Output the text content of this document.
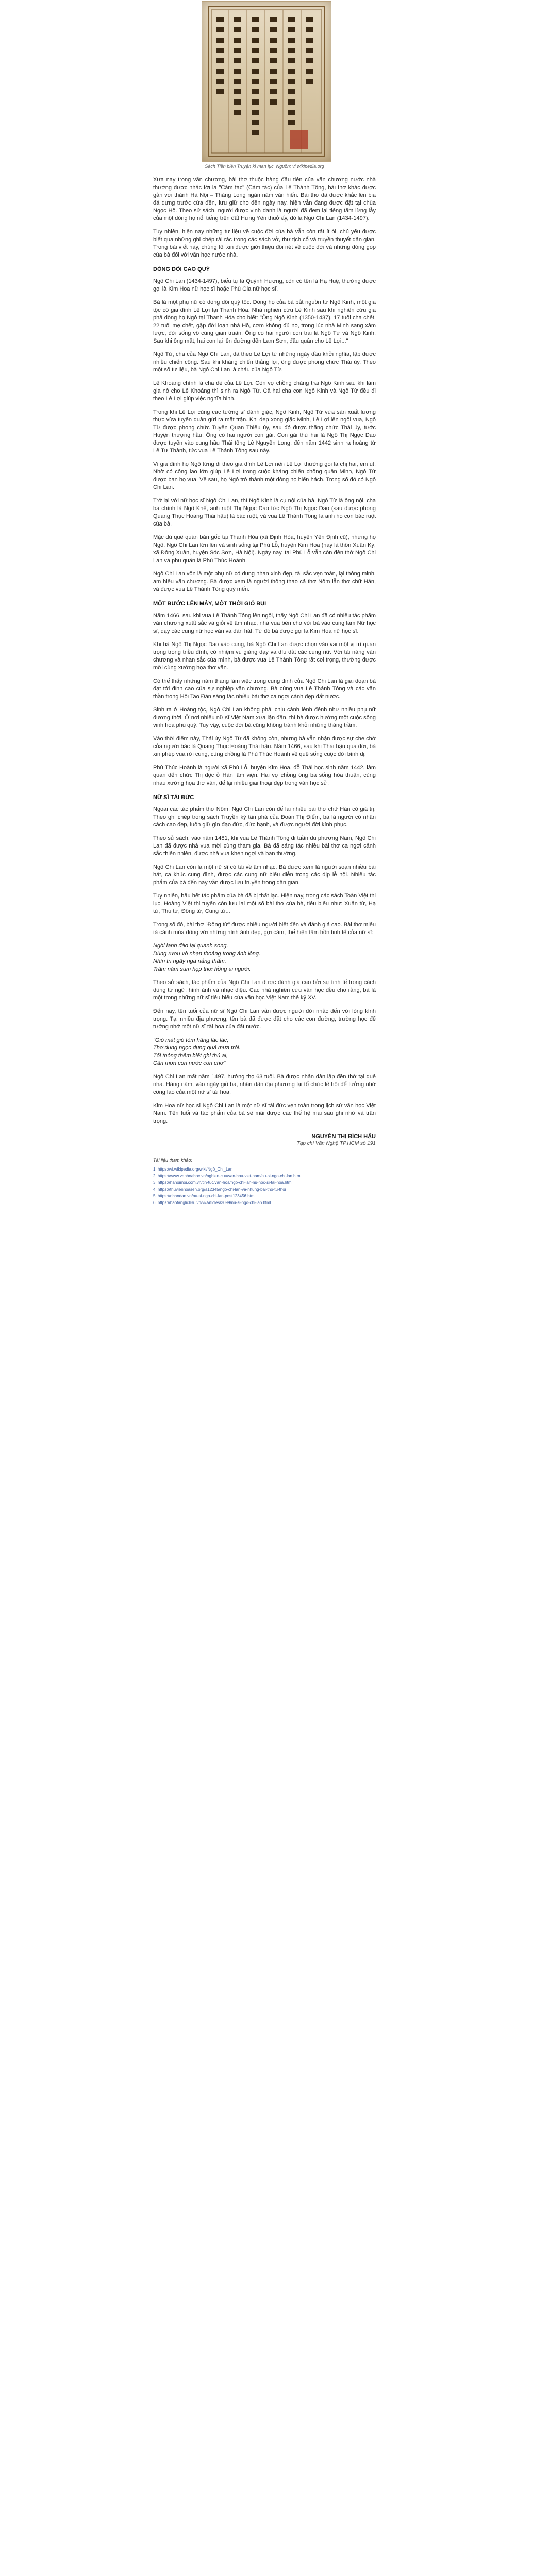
Sách Tiền biên Truyện kì mạn lục. Nguồn: vi.wikipedia.org

Xưa nay trong văn chương, bài thơ thuộc hàng đầu tiên của văn chương nước nhà thường được nhắc tới là "Cảm tác" (Cảm tác) của Lê Thánh Tông, bài thơ khác được gắn với thành Hà Nội – Thăng Long ngàn năm văn hiến. Bài thơ đã được khắc lên bia đá dựng trước cửa đền, lưu giữ cho đến ngày nay, hiện vẫn đang được đặt tại chùa Ngọc Hồ. Theo sử sách, người được vinh danh là người đã đem lại tiếng tăm lừng lẫy của một dòng họ nổi tiếng trên đất Hưng Yên thuở ấy, đó là Ngô Chi Lan (1434-1497).

Tuy nhiên, hiện nay những tư liệu về cuộc đời của bà vẫn còn rất ít ỏi, chủ yếu được biết qua những ghi chép rải rác trong các sách vở, thư tịch cổ và truyền thuyết dân gian. Trong bài viết này, chúng tôi xin được giới thiệu đôi nét về cuộc đời và những đóng góp của bà đối với văn học nước nhà.

DÒNG DÕI CAO QUÝ

Ngô Chi Lan (1434-1497), biểu tự là Quỳnh Hương, còn có tên là Hạ Huệ, thường được gọi là Kim Hoa nữ học sĩ hoặc Phù Gia nữ học sĩ.

Bà là một phụ nữ có dòng dõi quý tộc. Dòng họ của bà bắt nguồn từ Ngô Kinh, một gia tộc có gia đình Lê Lợi tại Thanh Hóa. Nhà nghiên cứu Lê Kinh sau khi nghiên cứu gia phả dòng họ Ngô tại Thanh Hóa cho biết: "Ông Ngô Kinh (1350-1437), 17 tuổi cha chết, 22 tuổi mẹ chết, gặp đời loạn nhà Hồ, cơm không đủ no, trong lúc nhà Minh sang xâm lược, đời sống vô cùng gian truân. Ông có hai người con trai là Ngô Từ và Ngô Kinh. Sau khi ông mất, hai con lại lên đường đến Lam Sơn, đầu quân cho Lê Lợi..."

Ngô Từ, cha của Ngô Chi Lan, đã theo Lê Lợi từ những ngày đầu khởi nghĩa, lập được nhiều chiến công. Sau khi kháng chiến thắng lợi, ông được phong chức Thái úy. Theo một số tư liệu, bà Ngô Chi Lan là cháu của Ngô Từ.

Lê Khoáng chính là cha đẻ của Lê Lợi. Còn vợ chồng chàng trai Ngô Kinh sau khi làm gia nô cho Lê Khoáng thì sinh ra Ngô Từ. Cả hai cha con Ngô Kinh và Ngô Từ đều đi theo Lê Lợi giúp việc nghĩa binh.

Trong khi Lê Lợi cùng các tướng sĩ đánh giặc, Ngô Kinh, Ngô Từ vừa sản xuất lương thực vừa tuyển quân gửi ra mặt trận. Khi dẹp xong giặc Minh, Lê Lợi lên ngôi vua, Ngô Từ được phong chức Tuyên Quan Thiếu úy, sau đó được thăng chức Thái úy, tước Huyện thượng hầu. Ông có hai người con gái. Con gái thứ hai là Ngô Thị Ngọc Dao được tuyển vào cung hầu Thái tông Lê Nguyên Long, đến năm 1442 sinh ra hoàng tử Lê Tư Thành, tức vua Lê Thánh Tông sau này.

Vì gia đình họ Ngô từng đi theo gia đình Lê Lợi nên Lê Lợi thường gọi là chị hai, em út. Nhờ có công lao lớn giúp Lê Lợi trong cuộc kháng chiến chống quân Minh, Ngô Từ được ban họ vua. Về sau, họ Ngô trở thành một dòng họ hiển hách. Trong số đó có Ngô Chi Lan.

Trở lại với nữ học sĩ Ngô Chi Lan, thì Ngô Kinh là cụ nội của bà, Ngô Từ là ông nội, cha bà chính là Ngô Khế, anh ruột Thị Ngọc Dao tức Ngô Thị Ngọc Dao (sau được phong Quang Thục Hoàng Thái hậu) là bác ruột, và vua Lê Thánh Tông là anh họ con bác ruột của bà.

Mặc dù quê quán bản gốc tại Thanh Hóa (xã Định Hòa, huyện Yên Định cũ), nhưng họ Ngô, Ngô Chi Lan lớn lên và sinh sống tại Phù Lỗ, huyện Kim Hoa (nay là thôn Xuân Kỳ, xã Đông Xuân, huyện Sóc Sơn, Hà Nội). Ngày nay, tại Phù Lỗ vẫn còn đền thờ Ngô Chi Lan và phu quân là Phù Thúc Hoành.

Ngô Chi Lan vốn là một phụ nữ có dung nhan xinh đẹp, tài sắc vẹn toàn, lại thông minh, am hiểu văn chương. Bà được xem là người thông thạo cả thơ Nôm lẫn thơ chữ Hán, và được vua Lê Thánh Tông quý mến.

MỘT BƯỚC LÊN MÂY, MỘT THỜI GIÓ BỤI

Năm 1466, sau khi vua Lê Thánh Tông lên ngôi, thấy Ngô Chi Lan đã có nhiều tác phẩm văn chương xuất sắc và giỏi về âm nhạc, nhà vua bèn cho vời bà vào cung làm Nữ học sĩ, dạy các cung nữ học văn và đàn hát. Từ đó bà được gọi là Kim Hoa nữ học sĩ.

Khi bà Ngô Thị Ngọc Dao vào cung, bà Ngô Chi Lan được chọn vào vai một vị trí quan trọng trong triều đình, có nhiệm vụ giảng dạy và dìu dắt các cung nữ. Với tài năng văn chương và nhan sắc của mình, bà được vua Lê Thánh Tông rất coi trọng, thường được mời cùng xướng họa thơ văn.

Có thể thấy những năm tháng làm việc trong cung đình của Ngô Chi Lan là giai đoạn bà đạt tới đỉnh cao của sự nghiệp văn chương. Bà cùng vua Lê Thánh Tông và các văn thần trong Hội Tao Đàn sáng tác nhiều bài thơ ca ngợi cảnh đẹp đất nước.

Sinh ra ở Hoàng tộc, Ngô Chi Lan không phải chịu cảnh lênh đênh như nhiều phụ nữ đương thời. Ở nơi nhiều nữ sĩ Việt Nam xưa lận đận, thì bà được hưởng một cuộc sống vinh hoa phú quý. Tuy vậy, cuộc đời bà cũng không tránh khỏi những thăng trầm.

Vào thời điểm này, Thái úy Ngô Từ đã không còn, nhưng bà vẫn nhận được sự che chở của người bác là Quang Thục Hoàng Thái hậu. Năm 1466, sau khi Thái hậu qua đời, bà xin phép vua rời cung, cùng chồng là Phù Thúc Hoành về quê sống cuộc đời bình dị.

Phù Thúc Hoành là người xã Phù Lỗ, huyện Kim Hoa, đỗ Thái học sinh năm 1442, làm quan đến chức Thị độc ở Hàn lâm viện. Hai vợ chồng ông bà sống hòa thuận, cùng nhau xướng họa thơ văn, để lại nhiều giai thoại đẹp trong văn học sử.

NỮ SĨ TÀI ĐỨC

Ngoài các tác phẩm thơ Nôm, Ngô Chi Lan còn để lại nhiều bài thơ chữ Hán có giá trị. Theo ghi chép trong sách Truyền kỳ tân phả của Đoàn Thị Điểm, bà là người có nhân cách cao đẹp, luôn giữ gìn đạo đức, đức hạnh, và được người đời kính phục.

Theo sử sách, vào năm 1481, khi vua Lê Thánh Tông đi tuần du phương Nam, Ngô Chi Lan đã được nhà vua mời cùng tham gia. Bà đã sáng tác nhiều bài thơ ca ngợi cảnh sắc thiên nhiên, được nhà vua khen ngợi và ban thưởng.

Ngô Chi Lan còn là một nữ sĩ có tài về âm nhạc. Bà được xem là người soạn nhiều bài hát, ca khúc cung đình, được các cung nữ biểu diễn trong các dịp lễ hội. Nhiều tác phẩm của bà đến nay vẫn được lưu truyền trong dân gian.

Tuy nhiên, hầu hết tác phẩm của bà đã bị thất lạc. Hiện nay, trong các sách Toàn Việt thi lục, Hoàng Việt thi tuyển còn lưu lại một số bài thơ của bà, tiêu biểu như: Xuân từ, Hạ từ, Thu từ, Đông từ, Cung từ...

Trong số đó, bài thơ "Đông từ" được nhiều người biết đến và đánh giá cao. Bài thơ miêu tả cảnh mùa đông với những hình ảnh đẹp, gợi cảm, thể hiện tâm hồn tinh tế của nữ sĩ:

Ngòi lạnh đào lại quanh song,
Dùng rượu vò nhạn thoảng trong ánh lồng.
Nhìn tri ngây ngà nắng thấm,
Trăm năm sum họp thời hồng ai người.

Theo sử sách, tác phẩm của Ngô Chi Lan được đánh giá cao bởi sự tinh tế trong cách dùng từ ngữ, hình ảnh và nhạc điệu. Các nhà nghiên cứu văn học đều cho rằng, bà là một trong những nữ sĩ tiêu biểu của văn học Việt Nam thế kỷ XV.

Đến nay, tên tuổi của nữ sĩ Ngô Chi Lan vẫn được người đời nhắc đến với lòng kính trọng. Tại nhiều địa phương, tên bà đã được đặt cho các con đường, trường học để tưởng nhớ một nữ sĩ tài hoa của đất nước.

"Gió mát gió tòm hăng lác lác,
Thơ dung ngọc dụng quá mưa trôi.
Tối thông thêm biết ghi thủ ai,
Căn mơn con nước còn chờ"

Ngô Chi Lan mất năm 1497, hưởng thọ 63 tuổi. Bà được nhân dân lập đền thờ tại quê nhà. Hàng năm, vào ngày giỗ bà, nhân dân địa phương lại tổ chức lễ hội để tưởng nhớ công lao của một nữ sĩ tài hoa.

Kim Hoa nữ học sĩ Ngô Chi Lan là một nữ sĩ tài đức vẹn toàn trong lịch sử văn học Việt Nam. Tên tuổi và tác phẩm của bà sẽ mãi được các thế hệ mai sau ghi nhớ và trân trọng.

NGUYỄN THỊ BÍCH HẬU
Tạp chí Văn Nghệ TP.HCM số 191
Tài liệu tham khảo:
1. https://vi.wikipedia.org/wiki/Ngô_Chi_Lan
2. https://www.vanhoahoc.vn/nghien-cuu/van-hoa-viet-nam/nu-si-ngo-chi-lan.html
3. https://hanoimoi.com.vn/tin-tuc/van-hoa/ngo-chi-lan-nu-hoc-si-tai-hoa.html
4. https://thuvienhoasen.org/a12345/ngo-chi-lan-va-nhung-bai-tho-tu-thoi
5. https://nhandan.vn/nu-si-ngo-chi-lan-post123456.html
6. https://baotanglichsu.vn/vi/Articles/3099/nu-si-ngo-chi-lan.html
